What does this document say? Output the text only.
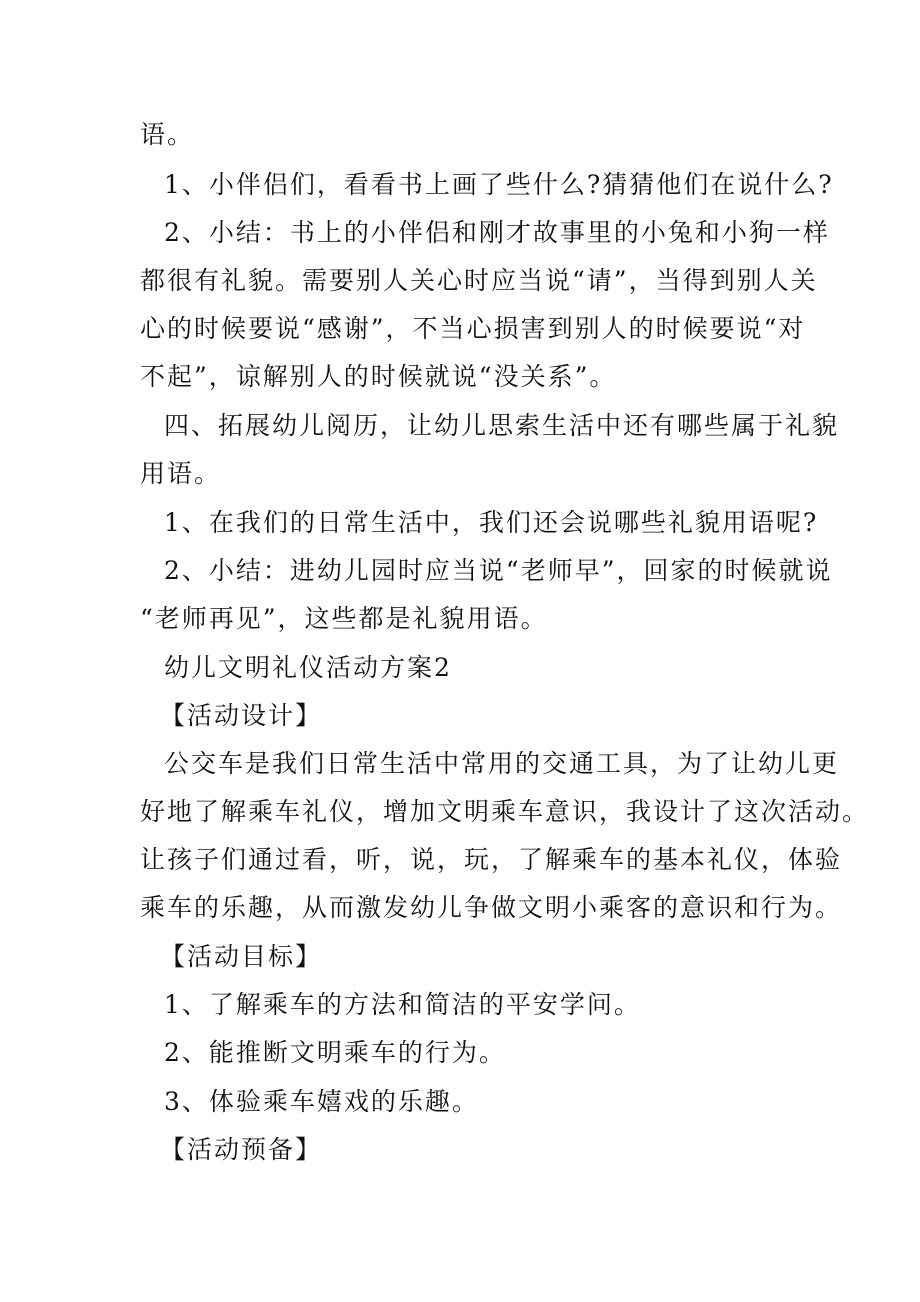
语。
1、小伴侣们，看看书上画了些什么?猜猜他们在说什么?
2、小结：书上的小伴侣和刚才故事里的小兔和小狗一样
都很有礼貌。需要别人关心时应当说“请”，当得到别人关
心的时候要说“感谢”，不当心损害到别人的时候要说“对
不起”，谅解别人的时候就说“没关系”。
四、拓展幼儿阅历，让幼儿思索生活中还有哪些属于礼貌
用语。
1、在我们的日常生活中，我们还会说哪些礼貌用语呢?
2、小结：进幼儿园时应当说“老师早”，回家的时候就说
“老师再见”，这些都是礼貌用语。
幼儿文明礼仪活动方案2
【活动设计】
公交车是我们日常生活中常用的交通工具，为了让幼儿更
好地了解乘车礼仪，增加文明乘车意识，我设计了这次活动。
让孩子们通过看，听，说，玩，了解乘车的基本礼仪，体验
乘车的乐趣，从而激发幼儿争做文明小乘客的意识和行为。
【活动目标】
1、了解乘车的方法和简洁的平安学问。
2、能推断文明乘车的行为。
3、体验乘车嬉戏的乐趣。
【活动预备】
